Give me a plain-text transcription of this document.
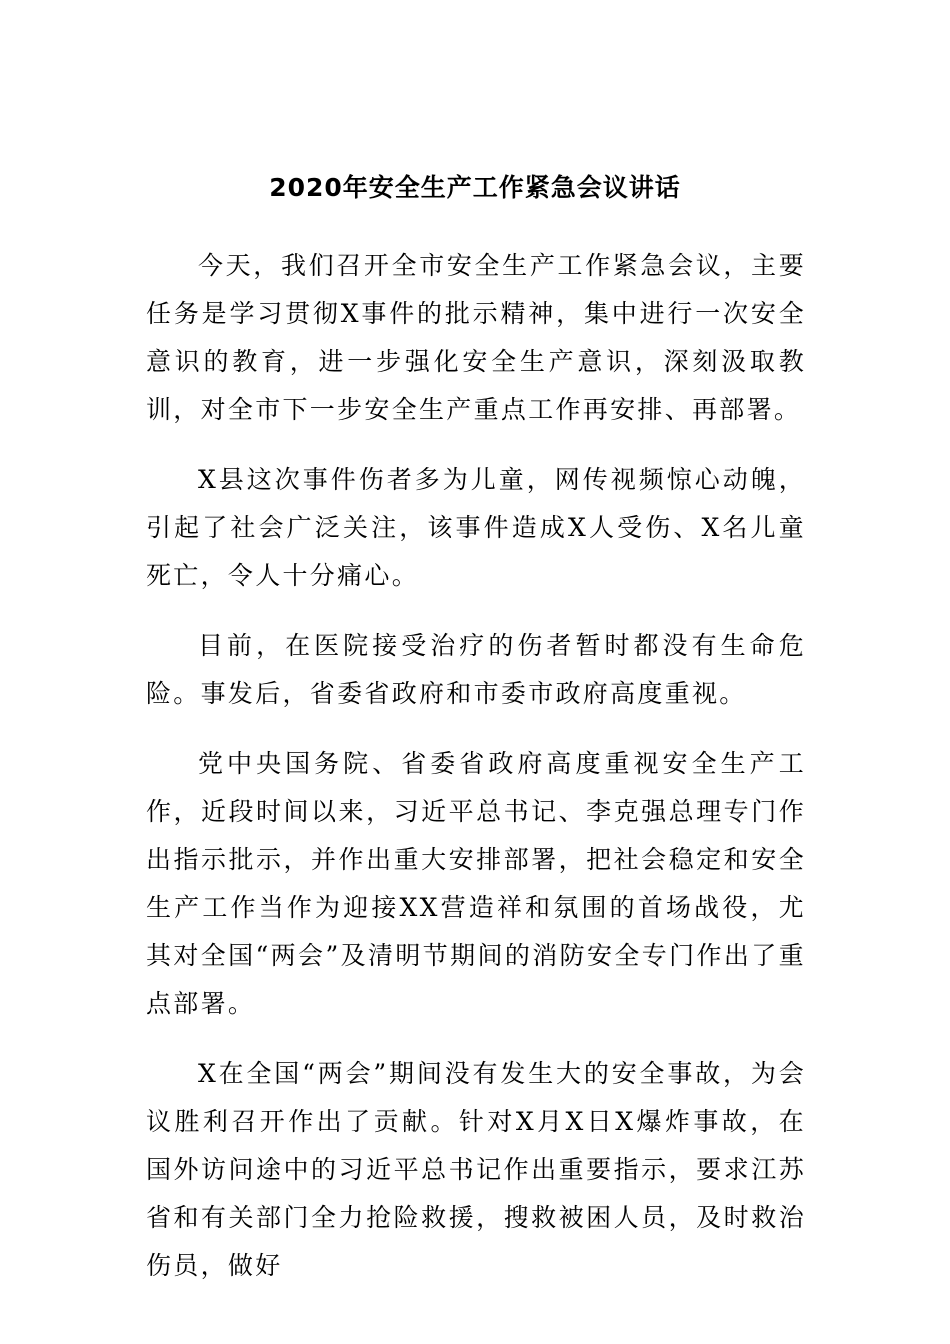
2020年安全生产工作紧急会议讲话

今天，我们召开全市安全生产工作紧急会议，主要任务是学习贯彻X事件的批示精神，集中进行一次安全意识的教育，进一步强化安全生产意识，深刻汲取教训，对全市下一步安全生产重点工作再安排、再部署。

X县这次事件伤者多为儿童，网传视频惊心动魄，引起了社会广泛关注，该事件造成X人受伤、X名儿童死亡，令人十分痛心。

目前，在医院接受治疗的伤者暂时都没有生命危险。事发后，省委省政府和市委市政府高度重视。

党中央国务院、省委省政府高度重视安全生产工作，近段时间以来，习近平总书记、李克强总理专门作出指示批示，并作出重大安排部署，把社会稳定和安全生产工作当作为迎接XX营造祥和氛围的首场战役，尤其对全国“两会”及清明节期间的消防安全专门作出了重点部署。

X在全国“两会”期间没有发生大的安全事故，为会议胜利召开作出了贡献。针对X月X日X爆炸事故，在国外访问途中的习近平总书记作出重要指示，要求江苏省和有关部门全力抢险救援，搜救被困人员，及时救治伤员，做好
